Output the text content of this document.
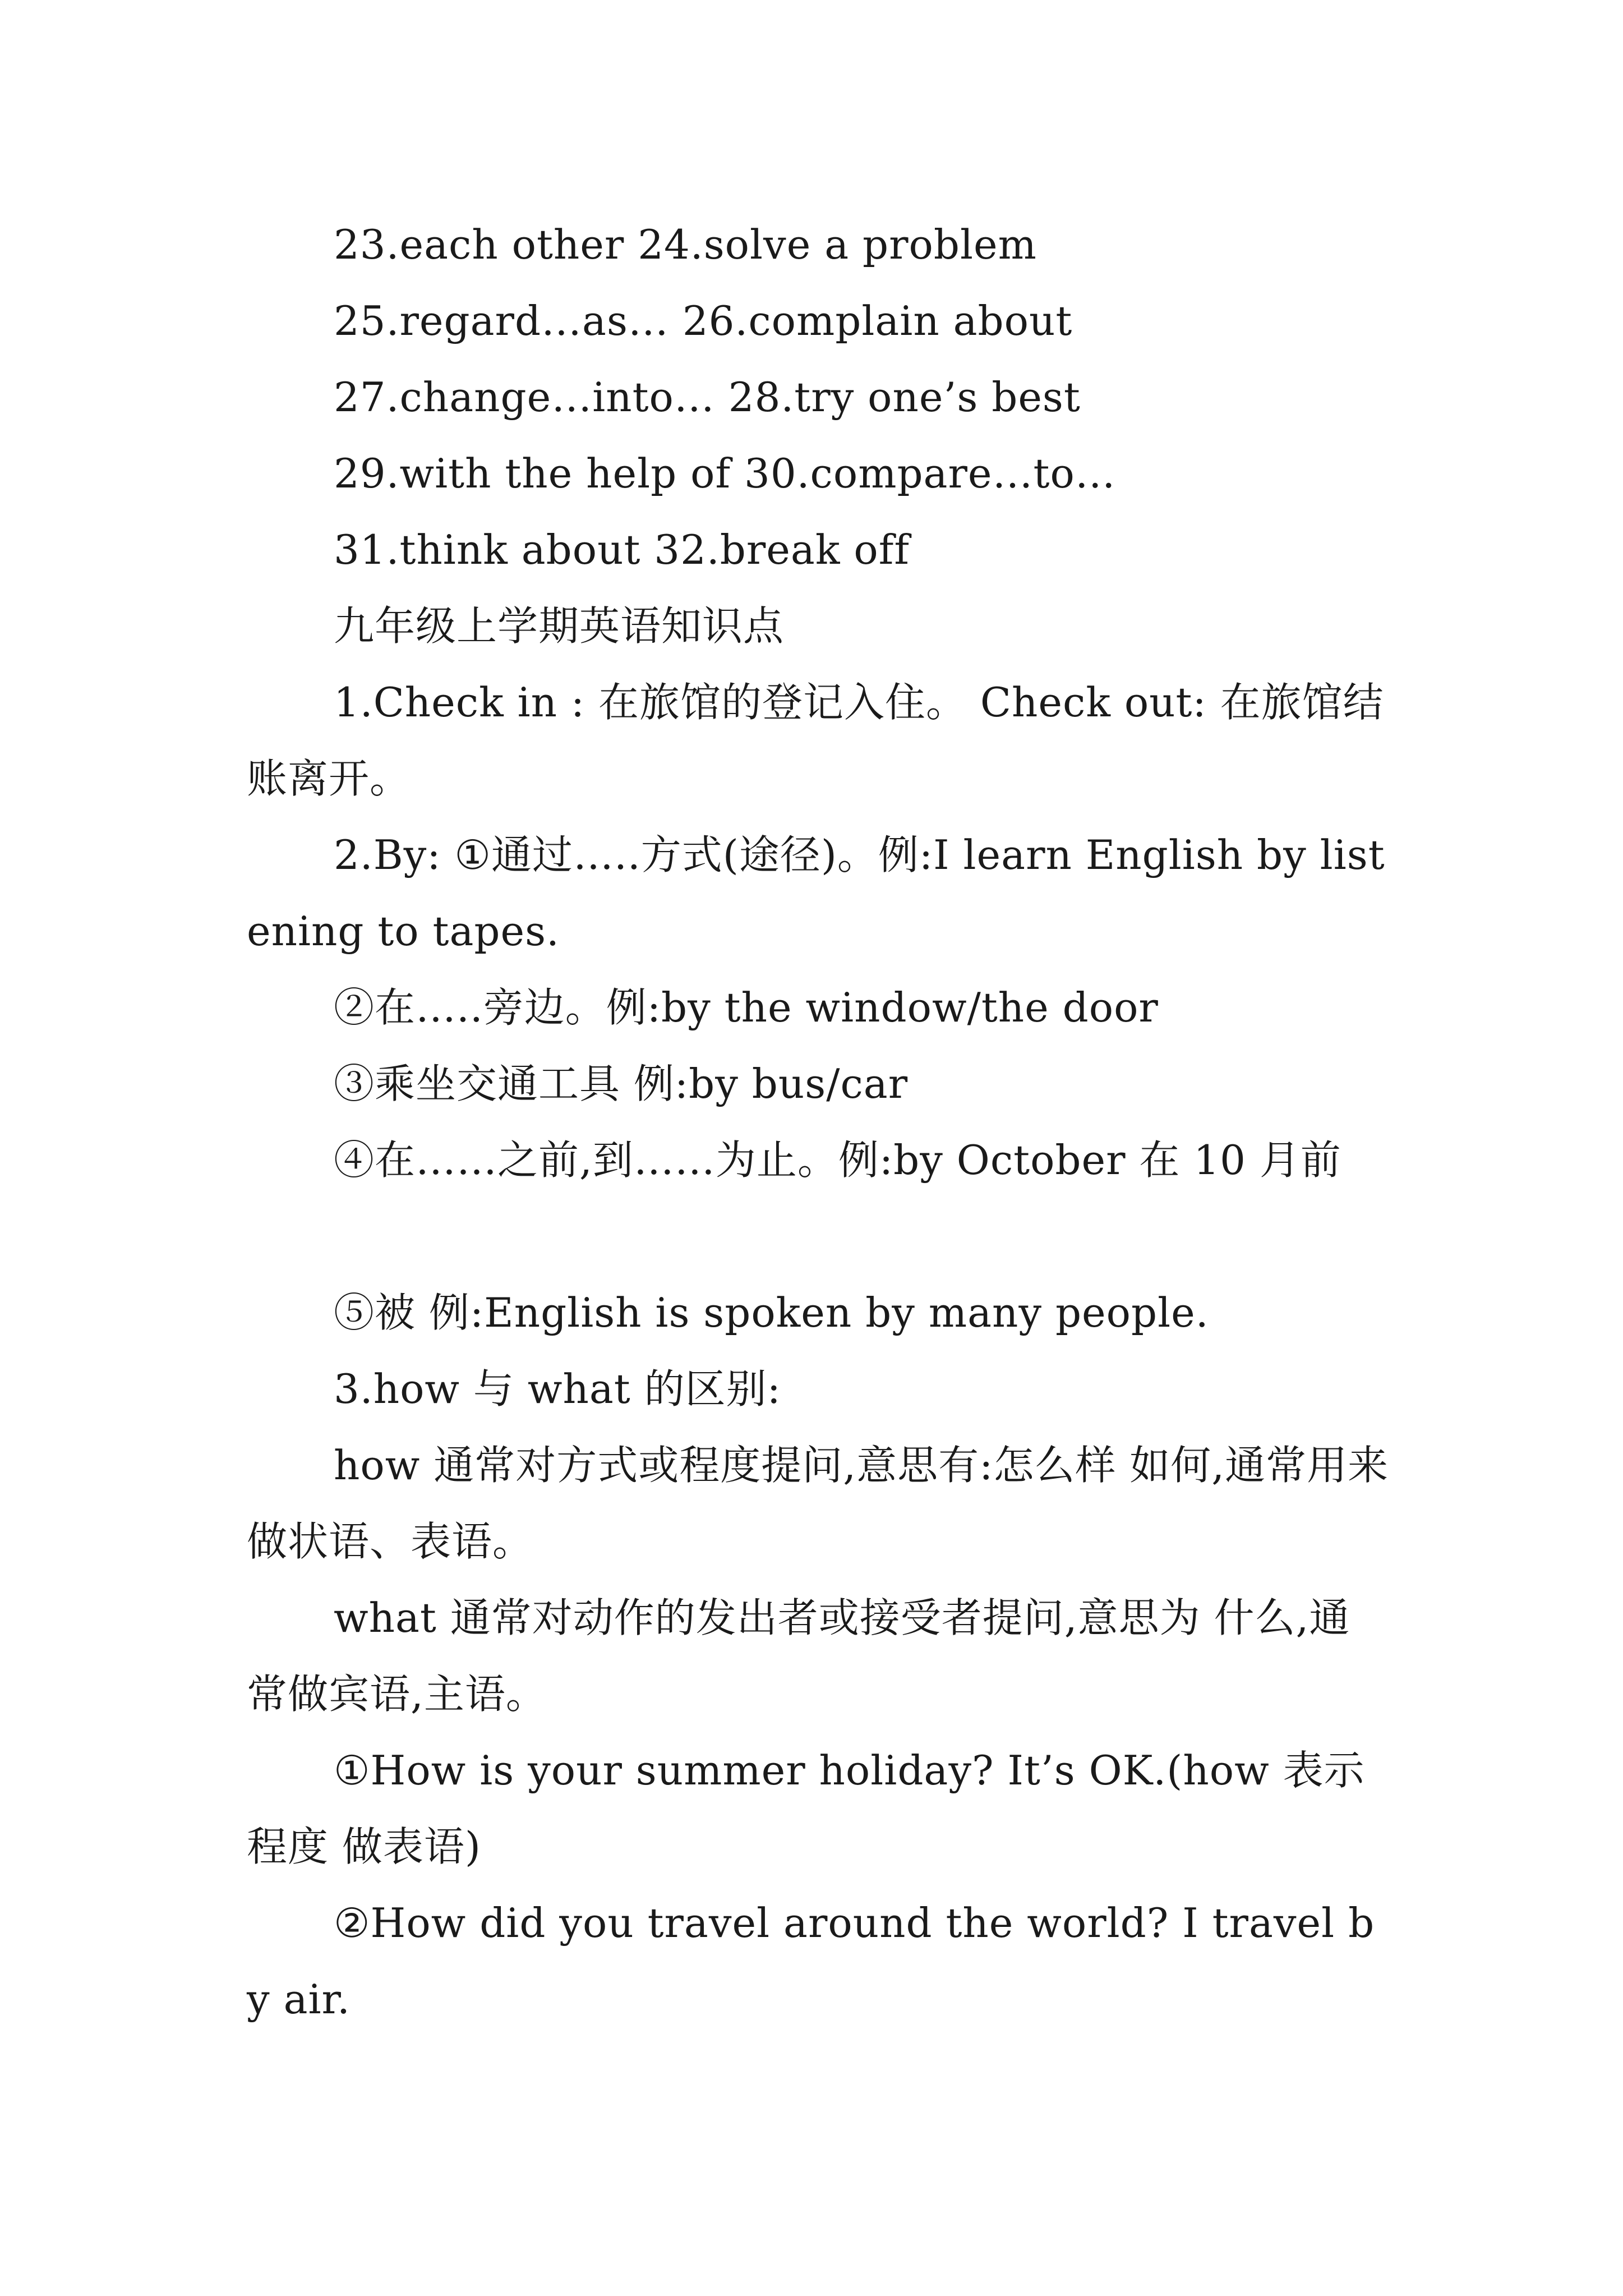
23.each other 24.solve a problem
25.regard…as… 26.complain about
27.change…into… 28.try one’s best
29.with the help of 30.compare…to…
31.think about 32.break off
九年级上学期英语知识点
1.Check in : 在旅馆的登记入住。 Check out: 在旅馆结账离开。
2.By: ①通过…..方式(途径)。例:I learn English by listening to tapes.
②在…..旁边。例:by the window/the door
③乘坐交通工具 例:by bus/car
④在……之前,到……为止。例:by October 在 10 月前
⑤被 例:English is spoken by many people.
3.how 与 what 的区别:
how 通常对方式或程度提问,意思有:怎么样 如何,通常用来做状语、表语。
what 通常对动作的发出者或接受者提问,意思为 什么,通常做宾语,主语。
①How is your summer holiday? It’s OK.(how 表示程度 做表语)
②How did you travel around the world? I travel by air.
